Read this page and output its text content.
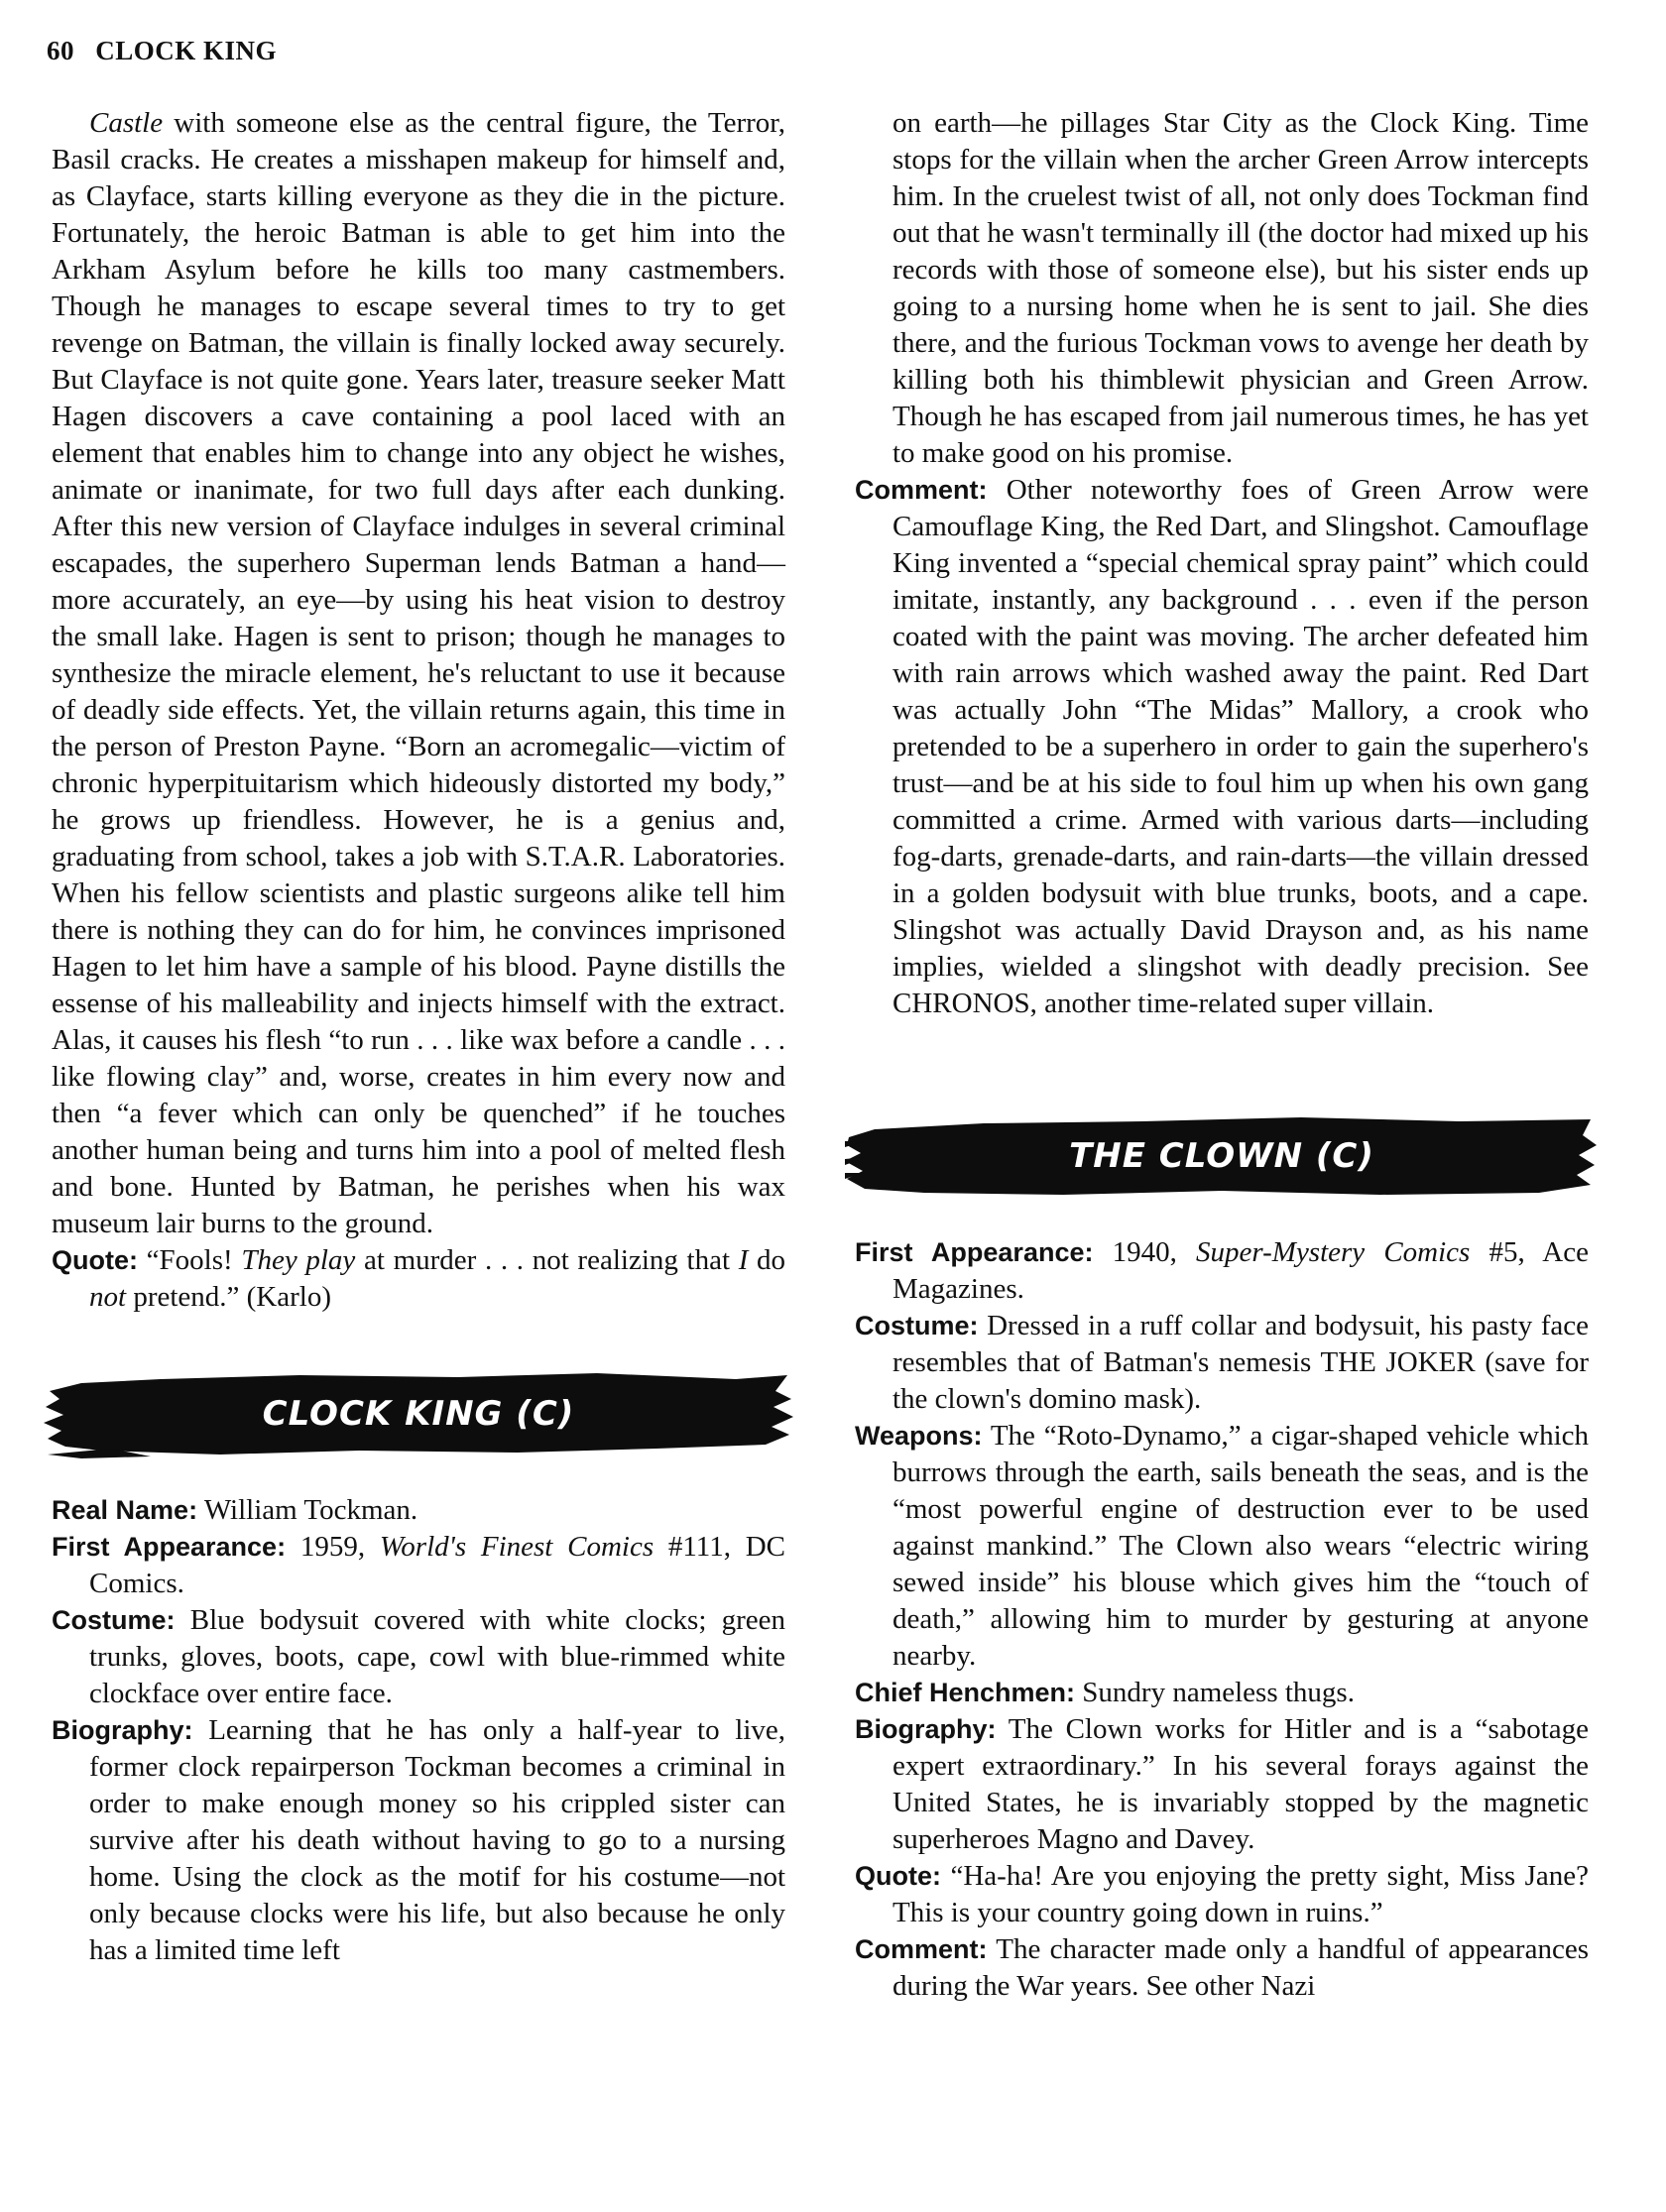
60 CLOCK KING

Castle with someone else as the central figure, the Terror, Basil cracks. He creates a misshapen makeup for himself and, as Clayface, starts killing everyone as they die in the picture. Fortunately, the heroic Batman is able to get him into the Arkham Asylum before he kills too many castmembers. Though he manages to escape several times to try to get revenge on Batman, the villain is finally locked away securely. But Clayface is not quite gone. Years later, treasure seeker Matt Hagen discovers a cave containing a pool laced with an element that enables him to change into any object he wishes, animate or inanimate, for two full days after each dunking. After this new version of Clayface indulges in several criminal escapades, the superhero Superman lends Batman a hand—more accurately, an eye—by using his heat vision to destroy the small lake. Hagen is sent to prison; though he manages to synthesize the miracle element, he's reluctant to use it because of deadly side effects. Yet, the villain returns again, this time in the person of Preston Payne. “Born an acromegalic—victim of chronic hyperpituitarism which hideously distorted my body,” he grows up friendless. However, he is a genius and, graduating from school, takes a job with S.T.A.R. Laboratories. When his fellow scientists and plastic surgeons alike tell him there is nothing they can do for him, he convinces imprisoned Hagen to let him have a sample of his blood. Payne distills the essense of his malleability and injects himself with the extract. Alas, it causes his flesh “to run . . . like wax before a candle . . . like flowing clay” and, worse, creates in him every now and then “a fever which can only be quenched” if he touches another human being and turns him into a pool of melted flesh and bone. Hunted by Batman, he perishes when his wax museum lair burns to the ground.

Quote: “Fools! They play at murder . . . not realizing that I do not pretend.” (Karlo)

CLOCK KING (C)

Real Name: William Tockman.

First Appearance: 1959, World's Finest Comics #111, DC Comics.

Costume: Blue bodysuit covered with white clocks; green trunks, gloves, boots, cape, cowl with blue-rimmed white clockface over entire face.

Biography: Learning that he has only a half-year to live, former clock repairperson Tockman becomes a criminal in order to make enough money so his crippled sister can survive after his death without having to go to a nursing home. Using the clock as the motif for his costume—not only because clocks were his life, but also because he only has a limited time left

on earth—he pillages Star City as the Clock King. Time stops for the villain when the archer Green Arrow intercepts him. In the cruelest twist of all, not only does Tockman find out that he wasn't terminally ill (the doctor had mixed up his records with those of someone else), but his sister ends up going to a nursing home when he is sent to jail. She dies there, and the furious Tockman vows to avenge her death by killing both his thimblewit physician and Green Arrow. Though he has escaped from jail numerous times, he has yet to make good on his promise.

Comment: Other noteworthy foes of Green Arrow were Camouflage King, the Red Dart, and Slingshot. Camouflage King invented a “special chemical spray paint” which could imitate, instantly, any background . . . even if the person coated with the paint was moving. The archer defeated him with rain arrows which washed away the paint. Red Dart was actually John “The Midas” Mallory, a crook who pretended to be a superhero in order to gain the superhero's trust—and be at his side to foul him up when his own gang committed a crime. Armed with various darts—including fog-darts, grenade-darts, and rain-darts—the villain dressed in a golden bodysuit with blue trunks, boots, and a cape. Slingshot was actually David Drayson and, as his name implies, wielded a slingshot with deadly precision. See CHRONOS, another time-related super villain.

THE CLOWN (C)

First Appearance: 1940, Super-Mystery Comics #5, Ace Magazines.

Costume: Dressed in a ruff collar and bodysuit, his pasty face resembles that of Batman's nemesis THE JOKER (save for the clown's domino mask).

Weapons: The “Roto-Dynamo,” a cigar-shaped vehicle which burrows through the earth, sails beneath the seas, and is the “most powerful engine of destruction ever to be used against mankind.” The Clown also wears “electric wiring sewed inside” his blouse which gives him the “touch of death,” allowing him to murder by gesturing at anyone nearby.

Chief Henchmen: Sundry nameless thugs.

Biography: The Clown works for Hitler and is a “sabotage expert extraordinary.” In his several forays against the United States, he is invariably stopped by the magnetic superheroes Magno and Davey.

Quote: “Ha-ha! Are you enjoying the pretty sight, Miss Jane? This is your country going down in ruins.”

Comment: The character made only a handful of appearances during the War years. See other Nazi
